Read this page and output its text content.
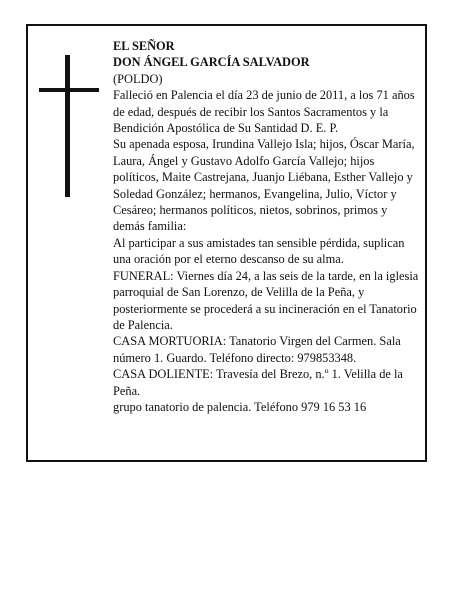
EL SEÑOR

DON ÁNGEL GARCÍA SALVADOR

(POLDO)

Falleció en Palencia el día 23 de junio de 2011, a los 71 años de edad, después de recibir los Santos Sacramentos y la Bendición Apostólica de Su Santidad D. E. P.

Su apenada esposa, Irundina Vallejo Isla; hijos, Óscar María, Laura, Ángel y Gustavo Adolfo García Vallejo; hijos políticos, Maite Castrejana, Juanjo Liébana, Esther Vallejo y Soledad González; hermanos, Evangelina, Julio, Víctor y Cesáreo; hermanos políticos, nietos, sobrinos, primos y demás familia:

Al participar a sus amistades tan sensible pérdida, suplican una oración por el eterno descanso de su alma.

FUNERAL: Viernes día 24, a las seis de la tarde, en la iglesia parroquial de San Lorenzo, de Velilla de la Peña, y posteriormente se procederá a su incineración en el Tanatorio de Palencia.

CASA MORTUORIA: Tanatorio Virgen del Carmen. Sala número 1. Guardo. Teléfono directo: 979853348.

CASA DOLIENTE: Travesía del Brezo, n.º 1. Velilla de la Peña.

grupo tanatorio de palencia. Teléfono 979 16 53 16
